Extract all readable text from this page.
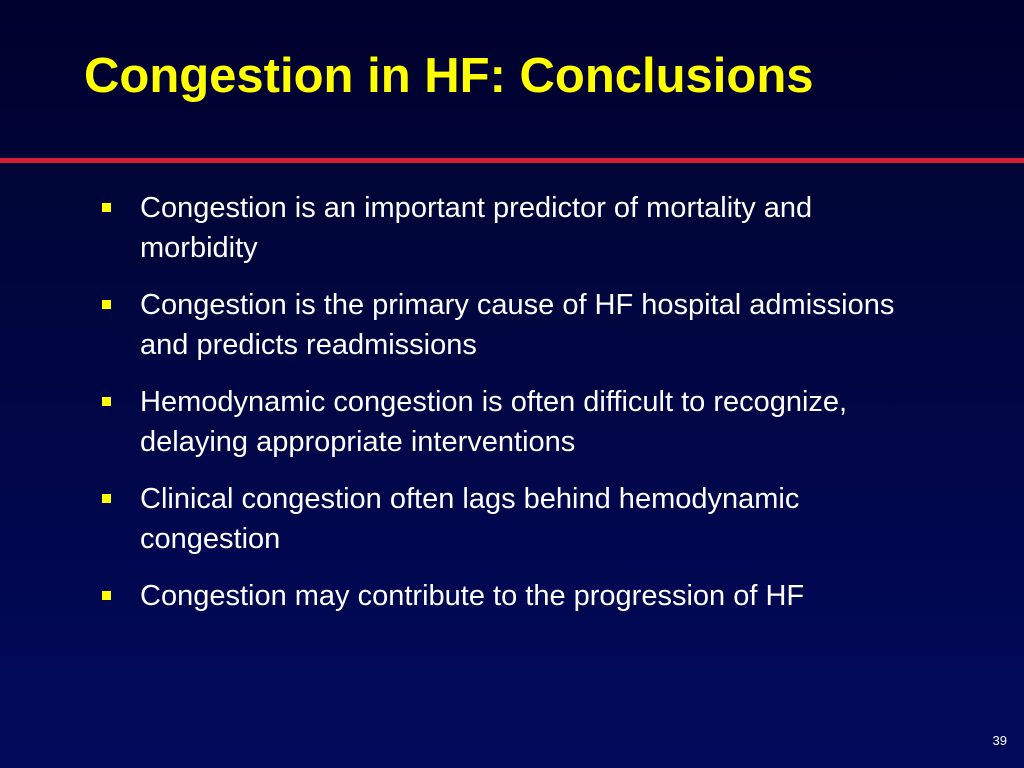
Congestion in HF: Conclusions
Congestion is an important predictor of mortality and morbidity
Congestion is the primary cause of HF hospital admissions and predicts readmissions
Hemodynamic congestion is often difficult to recognize, delaying appropriate interventions
Clinical congestion often lags behind hemodynamic congestion
Congestion may contribute to the progression of HF
39
